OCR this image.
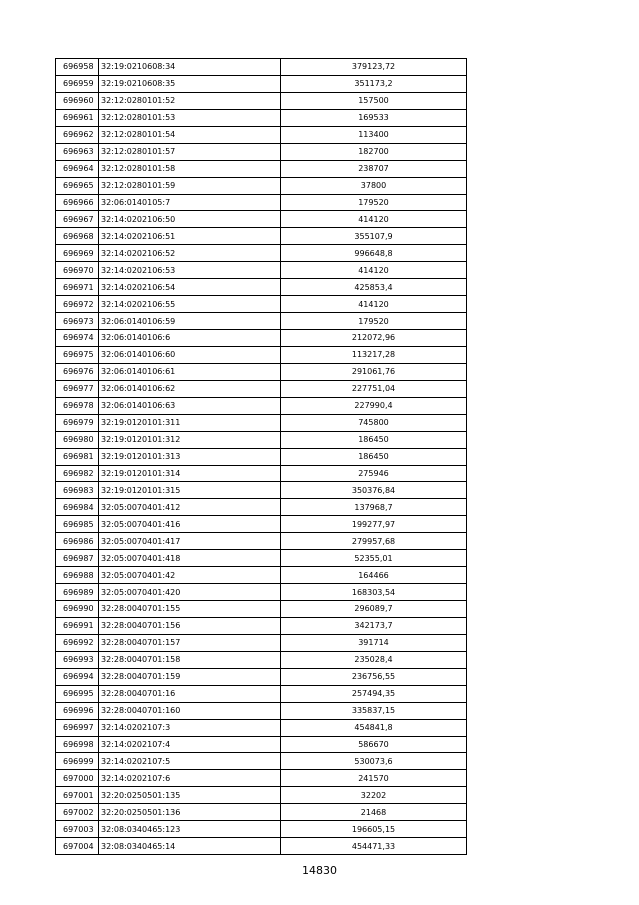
696958	32:19:0210608:34	379123,72
696959	32:19:0210608:35	351173,2
696960	32:12:0280101:52	157500
696961	32:12:0280101:53	169533
696962	32:12:0280101:54	113400
696963	32:12:0280101:57	182700
696964	32:12:0280101:58	238707
696965	32:12:0280101:59	37800
696966	32:06:0140105:7	179520
696967	32:14:0202106:50	414120
696968	32:14:0202106:51	355107,9
696969	32:14:0202106:52	996648,8
696970	32:14:0202106:53	414120
696971	32:14:0202106:54	425853,4
696972	32:14:0202106:55	414120
696973	32:06:0140106:59	179520
696974	32:06:0140106:6	212072,96
696975	32:06:0140106:60	113217,28
696976	32:06:0140106:61	291061,76
696977	32:06:0140106:62	227751,04
696978	32:06:0140106:63	227990,4
696979	32:19:0120101:311	745800
696980	32:19:0120101:312	186450
696981	32:19:0120101:313	186450
696982	32:19:0120101:314	275946
696983	32:19:0120101:315	350376,84
696984	32:05:0070401:412	137968,7
696985	32:05:0070401:416	199277,97
696986	32:05:0070401:417	279957,68
696987	32:05:0070401:418	52355,01
696988	32:05:0070401:42	164466
696989	32:05:0070401:420	168303,54
696990	32:28:0040701:155	296089,7
696991	32:28:0040701:156	342173,7
696992	32:28:0040701:157	391714
696993	32:28:0040701:158	235028,4
696994	32:28:0040701:159	236756,55
696995	32:28:0040701:16	257494,35
696996	32:28:0040701:160	335837,15
696997	32:14:0202107:3	454841,8
696998	32:14:0202107:4	586670
696999	32:14:0202107:5	530073,6
697000	32:14:0202107:6	241570
697001	32:20:0250501:135	32202
697002	32:20:0250501:136	21468
697003	32:08:0340465:123	196605,15
697004	32:08:0340465:14	454471,33
14830
